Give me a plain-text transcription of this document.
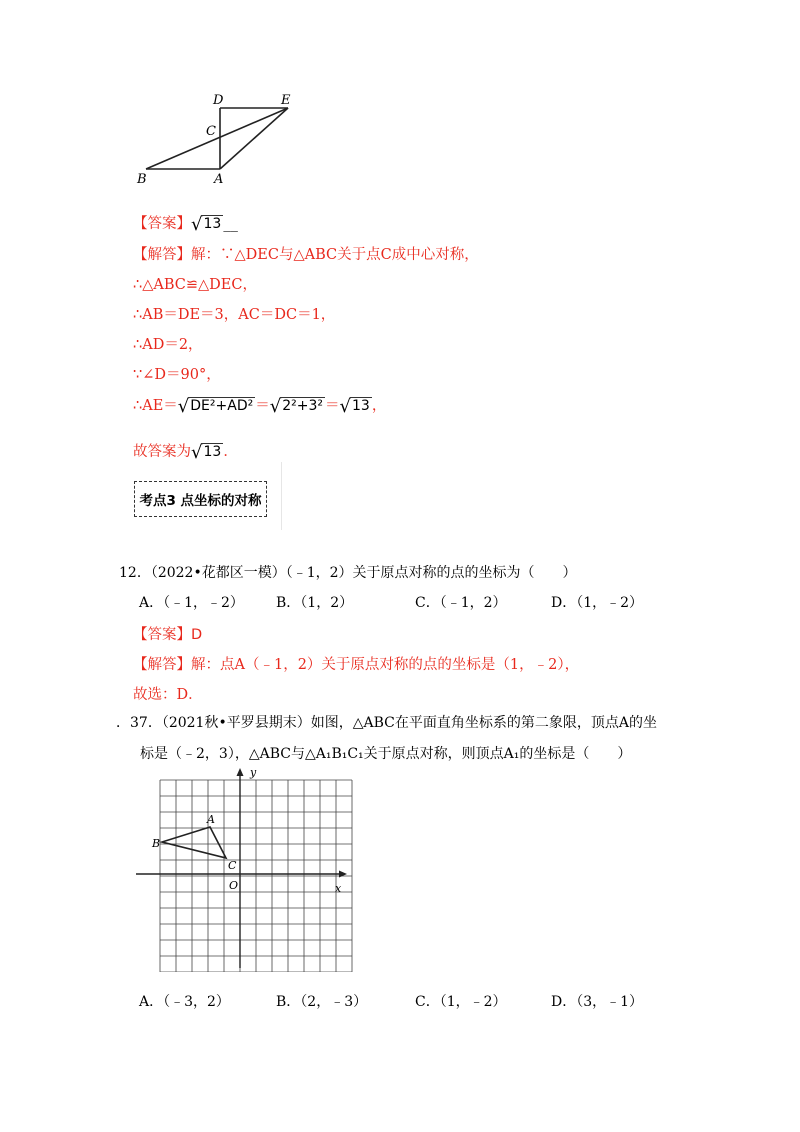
D	E
C
B	A
【答案】√13 __
【解答】解：∵△DEC与△ABC关于点C成中心对称，
∴△ABC≌△DEC，
∴AB＝DE＝3，AC＝DC＝1，
∴AD＝2，
∵∠D＝90°，
∴AE＝√DE²+AD² ＝√2²+3² ＝√13 ，
故答案为√13 ．
考点3 点坐标的对称
12．（2022•花都区一模）（﹣1，2）关于原点对称的点的坐标为（　　）
A．（﹣1，﹣2） B．（1，2）	C．（﹣1，2）	D．（1，﹣2）
【答案】D
【解答】解：点A（﹣1，2）关于原点对称的点的坐标是（1，﹣2），
故选：D．
．37．（2021秋•平罗县期末）如图，△ABC在平面直角坐标系的第二象限，顶点A的坐
标是（﹣2，3），△ABC与△A₁B₁C₁关于原点对称，则顶点A₁的坐标是（　　）
y
x
O
A
B
C
A．（﹣3，2）	B．（2，﹣3）	C．（1，﹣2）	D．（3，﹣1）
